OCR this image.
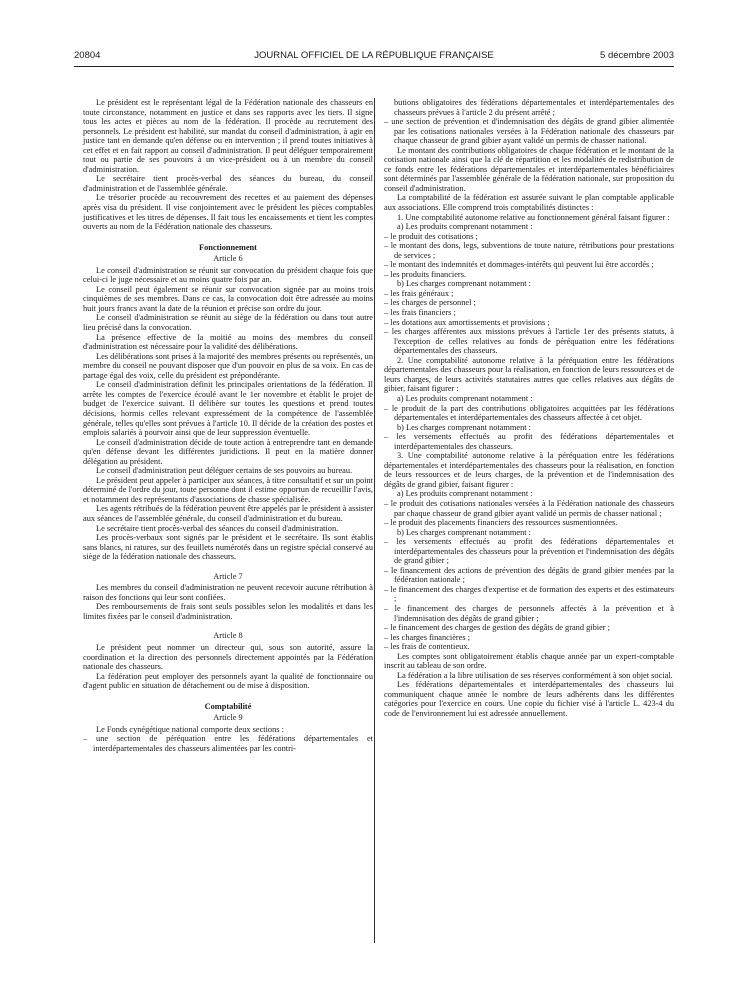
20804	JOURNAL OFFICIEL DE LA RÉPUBLIQUE FRANÇAISE	5 décembre 2003

Le président est le représentant légal de la Fédération nationale des chasseurs en toute circonstance, notamment en justice et dans ses rapports avec les tiers. Il signe tous les actes et pièces au nom de la fédération. Il procède au recrutement des personnels. Le président est habilité, sur mandat du conseil d'administration, à agir en justice tant en demande qu'en défense ou en intervention ; il prend toutes initiatives à cet effet et en fait rapport au conseil d'administration. Il peut déléguer temporairement tout ou partie de ses pouvoirs à un vice-président ou à un membre du conseil d'administration.

Le secrétaire tient procès-verbal des séances du bureau, du conseil d'administration et de l'assemblée générale.

Le trésorier procède au recouvrement des recettes et au paiement des dépenses après visa du président. Il vise conjointement avec le président les pièces comptables justificatives et les titres de dépenses. Il fait tous les encaissements et tient les comptes ouverts au nom de la Fédération nationale des chasseurs.

Fonctionnement

Article 6

Le conseil d'administration se réunit sur convocation du président chaque fois que celui-ci le juge nécessaire et au moins quatre fois par an.

Le conseil peut également se réunir sur convocation signée par au moins trois cinquièmes de ses membres. Dans ce cas, la convocation doit être adressée au moins huit jours francs avant la date de la réunion et précise son ordre du jour.

Le conseil d'administration se réunit au siège de la fédération ou dans tout autre lieu précisé dans la convocation.

La présence effective de la moitié au moins des membres du conseil d'administration est nécessaire pour la validité des délibérations.

Les délibérations sont prises à la majorité des membres présents ou représentés, un membre du conseil ne pouvant disposer que d'un pouvoir en plus de sa voix. En cas de partage égal des voix, celle du président est prépondérante.

Le conseil d'administration définit les principales orientations de la fédération. Il arrête les comptes de l'exercice écoulé avant le 1er novembre et établit le projet de budget de l'exercice suivant. Il délibère sur toutes les questions et prend toutes décisions, hormis celles relevant expressément de la compétence de l'assemblée générale, telles qu'elles sont prévues à l'article 10. Il décide de la création des postes et emplois salariés à pourvoir ainsi que de leur suppression éventuelle.

Le conseil d'administration décide de toute action à entreprendre tant en demande qu'en défense devant les différentes juridictions. Il peut en la matière donner délégation au président.

Le conseil d'administration peut déléguer certains de ses pouvoirs au bureau.

Le président peut appeler à participer aux séances, à titre consultatif et sur un point déterminé de l'ordre du jour, toute personne dont il estime opportun de recueillir l'avis, et notamment des représentants d'associations de chasse spécialisée.

Les agents rétribués de la fédération peuvent être appelés par le président à assister aux séances de l'assemblée générale, du conseil d'administration et du bureau.

Le secrétaire tient procès-verbal des séances du conseil d'administration.

Les procès-verbaux sont signés par le président et le secrétaire. Ils sont établis sans blancs, ni ratures, sur des feuillets numérotés dans un registre spécial conservé au siège de la fédération nationale des chasseurs.

Article 7

Les membres du conseil d'administration ne peuvent recevoir aucune rétribution à raison des fonctions qui leur sont confiées.

Des remboursements de frais sont seuls possibles selon les modalités et dans les limites fixées par le conseil d'administration.

Article 8

Le président peut nommer un directeur qui, sous son autorité, assure la coordination et la direction des personnels directement appointés par la Fédération nationale des chasseurs.

La fédération peut employer des personnels ayant la qualité de fonctionnaire ou d'agent public en situation de détachement ou de mise à disposition.

Comptabilité

Article 9

Le Fonds cynégétique national comporte deux sections :

– une section de péréquation entre les fédérations départementales et interdépartementales des chasseurs alimentées par les contri-

butions obligatoires des fédérations départementales et interdépartementales des chasseurs prévues à l'article 2 du présent arrêté ;

– une section de prévention et d'indemnisation des dégâts de grand gibier alimentée par les cotisations nationales versées à la Fédération nationale des chasseurs par chaque chasseur de grand gibier ayant validé un permis de chasser national.

Le montant des contributions obligatoires de chaque fédération et le montant de la cotisation nationale ainsi que la clé de répartition et les modalités de redistribution de ce fonds entre les fédérations départementales et interdépartementales bénéficiaires sont déterminés par l'assemblée générale de la fédération nationale, sur proposition du conseil d'administration.

La comptabilité de la fédération est assurée suivant le plan comptable applicable aux associations. Elle comprend trois comptabilités distinctes :

1. Une comptabilité autonome relative au fonctionnement général faisant figurer :

a) Les produits comprenant notamment :

– le produit des cotisations ;

– le montant des dons, legs, subventions de toute nature, rétributions pour prestations de services ;

– le montant des indemnités et dommages-intérêts qui peuvent lui être accordés ;

– les produits financiers.

b) Les charges comprenant notamment :

– les frais généraux ;

– les charges de personnel ;

– les frais financiers ;

– les dotations aux amortissements et provisions ;

– les charges afférentes aux missions prévues à l'article 1er des présents statuts, à l'exception de celles relatives au fonds de péréquation entre les fédérations départementales des chasseurs.

2. Une comptabilité autonome relative à la péréquation entre les fédérations départementales des chasseurs pour la réalisation, en fonction de leurs ressources et de leurs charges, de leurs activités statutaires autres que celles relatives aux dégâts de gibier, faisant figurer :

a) Les produits comprenant notamment :

– le produit de la part des contributions obligatoires acquittées par les fédérations départementales et interdépartementales des chasseurs affectée à cet objet.

b) Les charges comprenant notamment :

– les versements effectués au profit des fédérations départementales et interdépartementales des chasseurs.

3. Une comptabilité autonome relative à la péréquation entre les fédérations départementales et interdépartementales des chasseurs pour la réalisation, en fonction de leurs ressources et de leurs charges, de la prévention et de l'indemnisation des dégâts de grand gibier, faisant figurer :

a) Les produits comprenant notamment :

– le produit des cotisations nationales versées à la Fédération nationale des chasseurs par chaque chasseur de grand gibier ayant validé un permis de chasser national ;

– le produit des placements financiers des ressources susmentionnées.

b) Les charges comprenant notamment :

– les versements effectués au profit des fédérations départementales et interdépartementales des chasseurs pour la prévention et l'indemnisation des dégâts de grand gibier ;

– le financement des actions de prévention des dégâts de grand gibier menées par la fédération nationale ;

– le financement des charges d'expertise et de formation des experts et des estimateurs ;

– le financement des charges de personnels affectés à la prévention et à l'indemnisation des dégâts de grand gibier ;

– le financement des charges de gestion des dégâts de grand gibier ;

– les charges financières ;

– les frais de contentieux.

Les comptes sont obligatoirement établis chaque année par un expert-comptable inscrit au tableau de son ordre.

La fédération a la libre utilisation de ses réserves conformément à son objet social.

Les fédérations départementales et interdépartementales des chasseurs lui communiquent chaque année le nombre de leurs adhérents dans les différentes catégories pour l'exercice en cours. Une copie du fichier visé à l'article L. 423-4 du code de l'environnement lui est adressée annuellement.
